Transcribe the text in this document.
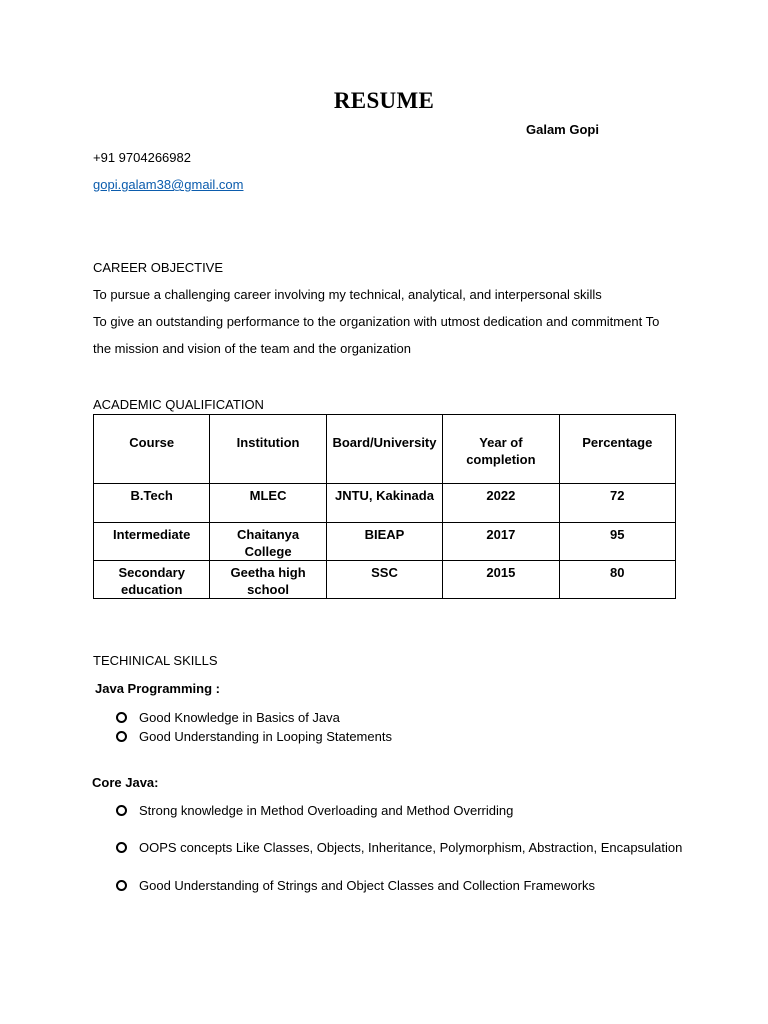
RESUME
Galam Gopi
+91 9704266982
gopi.galam38@gmail.com
CAREER OBJECTIVE
To pursue a challenging career involving my technical, analytical, and interpersonal skills
To give an outstanding performance to the organization with utmost dedication and commitment To
the mission and vision of the team and the organization
ACADEMIC QUALIFICATION
Course	Institution	Board/University	Year of completion	Percentage
B.Tech	MLEC	JNTU, Kakinada	2022	72
Intermediate	Chaitanya College	BIEAP	2017	95
Secondary education	Geetha high school	SSC	2015	80
TECHINICAL SKILLS
Java Programming :
Good Knowledge in Basics of Java
Good Understanding in Looping Statements
Core Java:
Strong knowledge in Method Overloading and Method Overriding
OOPS concepts Like Classes, Objects, Inheritance, Polymorphism, Abstraction, Encapsulation
Good Understanding of Strings and Object Classes and Collection Frameworks
